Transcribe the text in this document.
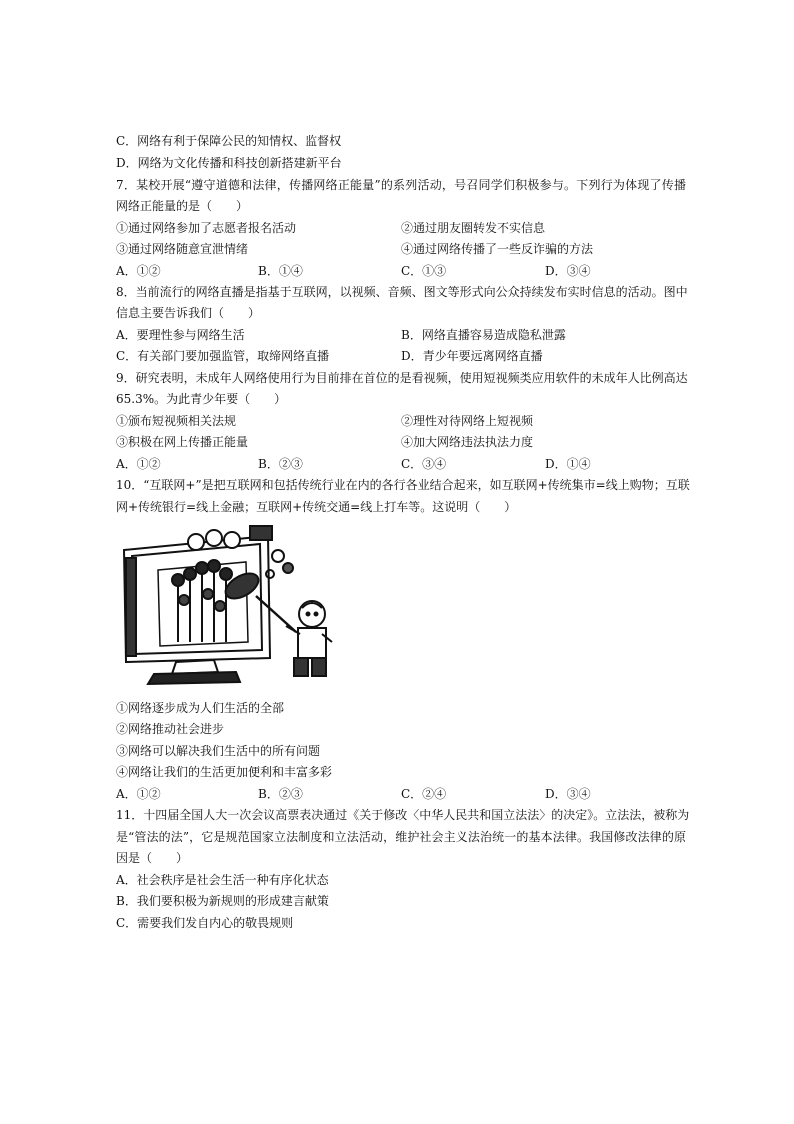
C．网络有利于保障公民的知情权、监督权
D．网络为文化传播和科技创新搭建新平台
7．某校开展“遵守道德和法律，传播网络正能量”的系列活动，号召同学们积极参与。下列行为体现了传播
网络正能量的是（　　）
①通过网络参加了志愿者报名活动	②通过朋友圈转发不实信息
③通过网络随意宣泄情绪	④通过网络传播了一些反诈骗的方法
A．①②	B．①④	C．①③	D．③④
8．当前流行的网络直播是指基于互联网，以视频、音频、图文等形式向公众持续发布实时信息的活动。图中
信息主要告诉我们（　　）
A．要理性参与网络生活	B．网络直播容易造成隐私泄露
C．有关部门要加强监管，取缔网络直播	D．青少年要远离网络直播
9．研究表明，未成年人网络使用行为目前排在首位的是看视频，使用短视频类应用软件的未成年人比例高达
65.3%。为此青少年要（　　）
①颁布短视频相关法规	②理性对待网络上短视频
③积极在网上传播正能量	④加大网络违法执法力度
A．①②	B．②③	C．③④	D．①④
10．“互联网+”是把互联网和包括传统行业在内的各行各业结合起来，如互联网+传统集市=线上购物；互联
网+传统银行=线上金融；互联网+传统交通=线上打车等。这说明（　　）
①网络逐步成为人们生活的全部
②网络推动社会进步
③网络可以解决我们生活中的所有问题
④网络让我们的生活更加便利和丰富多彩
A．①②	B．②③	C．②④	D．③④
11．十四届全国人大一次会议高票表决通过《关于修改〈中华人民共和国立法法〉的决定》。立法法，被称为
是“管法的法”，它是规范国家立法制度和立法活动，维护社会主义法治统一的基本法律。我国修改法律的原
因是（　　）
A．社会秩序是社会生活一种有序化状态
B．我们要积极为新规则的形成建言献策
C．需要我们发自内心的敬畏规则
